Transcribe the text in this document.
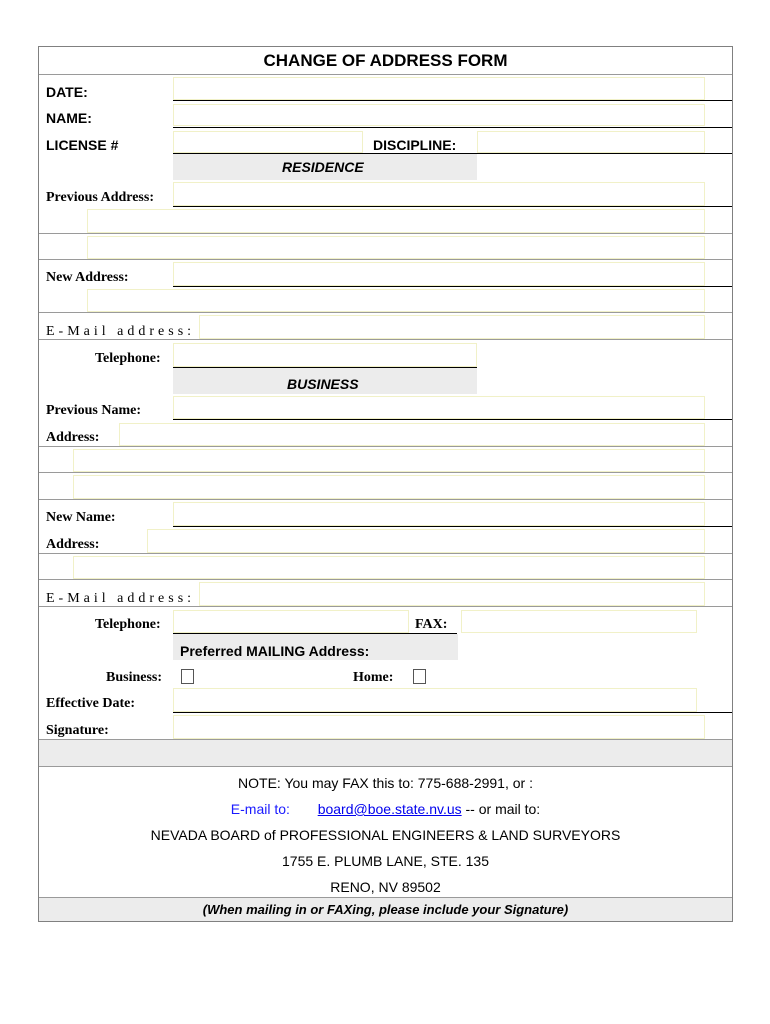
CHANGE OF ADDRESS FORM
DATE:
NAME:
LICENSE #	DISCIPLINE:
RESIDENCE
Previous Address:
New Address:
E-Mail address:
Telephone:
BUSINESS
Previous Name:
Address:
New Name:
Address:
E-Mail address:
Telephone:	FAX:
Preferred MAILING Address:
Business:	Home:
Effective Date:
Signature:
NOTE: You may FAX this to: 775-688-2991, or :
E-mail to: board@boe.state.nv.us -- or mail to:
NEVADA BOARD of PROFESSIONAL ENGINEERS & LAND SURVEYORS
1755 E. PLUMB LANE, STE. 135
RENO, NV 89502
(When mailing in or FAXing, please include your Signature)
